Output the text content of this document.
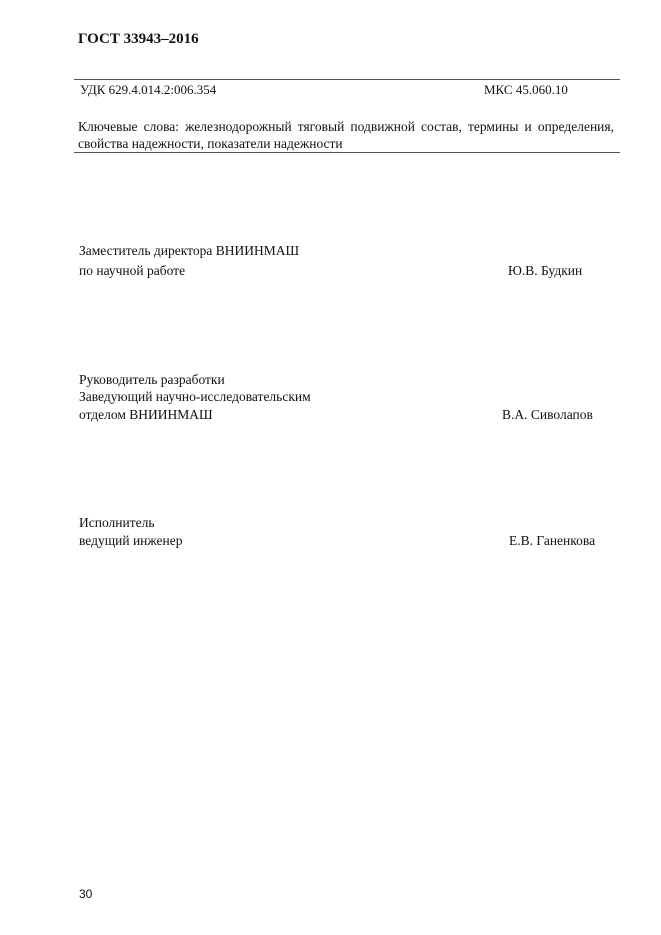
ГОСТ 33943–2016
УДК 629.4.014.2:006.354	МКС 45.060.10
Ключевые слова: железнодорожный тяговый подвижной состав, термины и определения, свойства надежности, показатели надежности
Заместитель директора ВНИИНМАШ
по научной работе	Ю.В. Будкин
Руководитель разработки
Заведующий научно-исследовательским
отделом ВНИИНМАШ	В.А. Сиволапов
Исполнитель
ведущий инженер	Е.В. Ганенкова
30
